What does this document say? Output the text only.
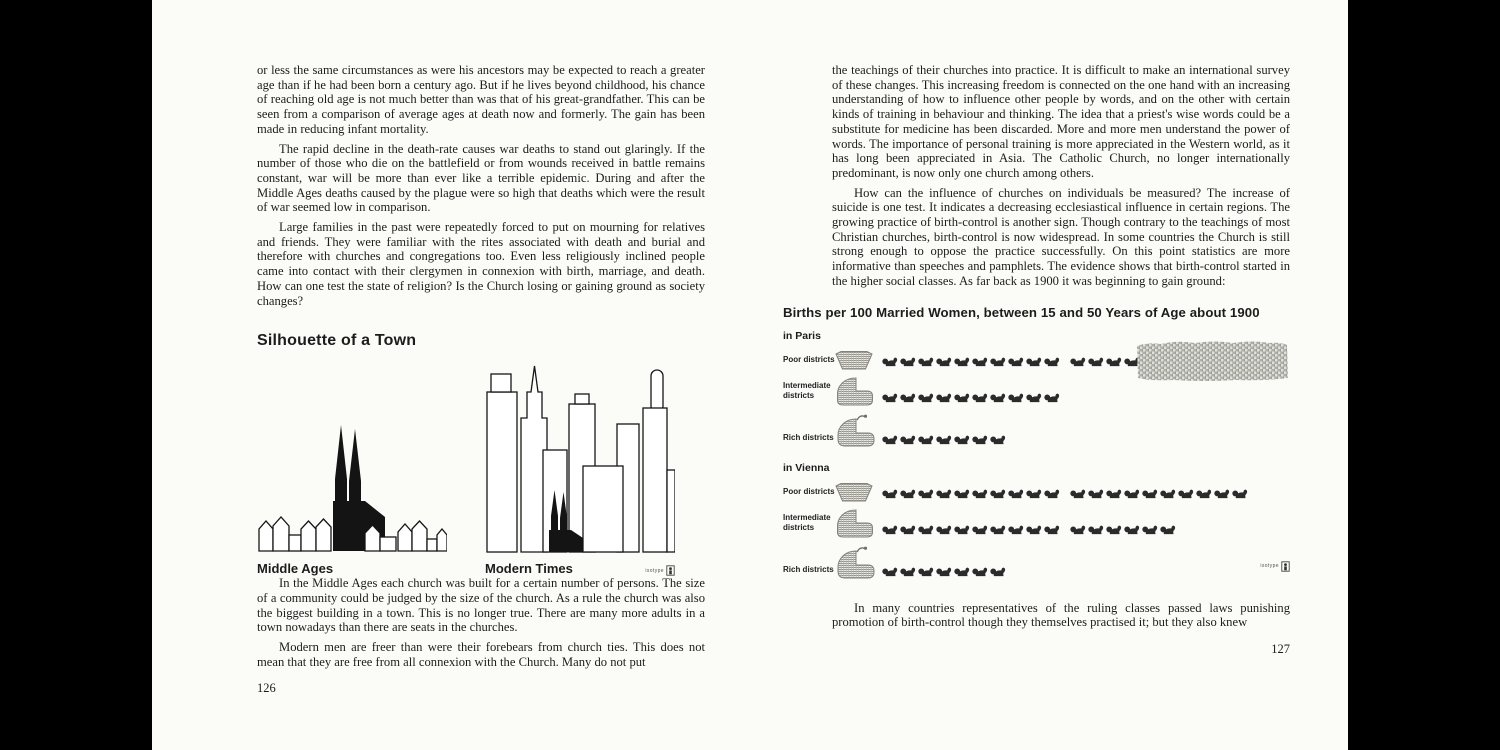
or less the same circumstances as were his ancestors may be expected to reach a greater age than if he had been born a century ago. But if he lives beyond childhood, his chance of reaching old age is not much better than was that of his great-grandfather. This can be seen from a comparison of average ages at death now and formerly. The gain has been made in reducing infant mortality.

The rapid decline in the death-rate causes war deaths to stand out glaringly. If the number of those who die on the battlefield or from wounds received in battle remains constant, war will be more than ever like a terrible epidemic. During and after the Middle Ages deaths caused by the plague were so high that deaths which were the result of war seemed low in comparison.

Large families in the past were repeatedly forced to put on mourning for relatives and friends. They were familiar with the rites associated with death and burial and therefore with churches and congregations too. Even less religiously inclined people came into contact with their clergymen in connexion with birth, marriage, and death. How can one test the state of religion? Is the Church losing or gaining ground as society changes?

Silhouette of a Town
Middle Ages	Modern Times	isotype

In the Middle Ages each church was built for a certain number of persons. The size of a community could be judged by the size of the church. As a rule the church was also the biggest building in a town. This is no longer true. There are many more adults in a town nowadays than there are seats in the churches.

Modern men are freer than were their forebears from church ties. This does not mean that they are free from all connexion with the Church. Many do not put

126

the teachings of their churches into practice. It is difficult to make an international survey of these changes. This increasing freedom is connected on the one hand with an increasing understanding of how to influence other people by words, and on the other with certain kinds of training in behaviour and thinking. The idea that a priest's wise words could be a substitute for medicine has been discarded. More and more men understand the power of words. The importance of personal training is more appreciated in the Western world, as it has long been appreciated in Asia. The Catholic Church, no longer internationally predominant, is now only one church among others.

How can the influence of churches on individuals be measured? The increase of suicide is one test. It indicates a decreasing ecclesiastical influence in certain regions. The growing practice of birth-control is another sign. Though contrary to the teachings of most Christian churches, birth-control is now widespread. In some countries the Church is still strong enough to oppose the practice successfully. On this point statistics are more informative than speeches and pamphlets. The evidence shows that birth-control started in the higher social classes. As far back as 1900 it was beginning to gain ground:

Births per 100 Married Women, between 15 and 50 Years of Age about 1900
in Paris
Poor districts
Intermediate districts
Rich districts
in Vienna
Poor districts
Intermediate districts
Rich districts	isotype

In many countries representatives of the ruling classes passed laws punishing promotion of birth-control though they themselves practised it; but they also knew

127
